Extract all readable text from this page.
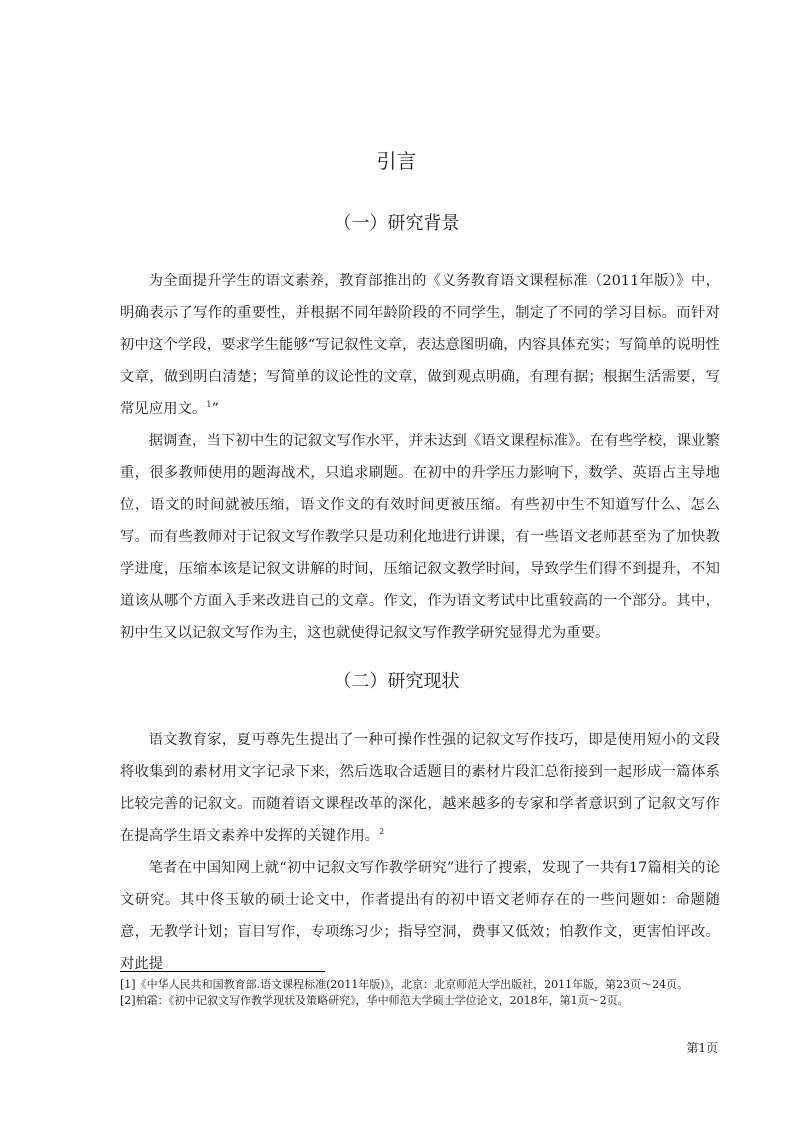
引言
（一）研究背景

为全面提升学生的语文素养，教育部推出的《义务教育语文课程标准（2011年版）》中，明确表示了写作的重要性，并根据不同年龄阶段的不同学生，制定了不同的学习目标。而针对初中这个学段，要求学生能够“写记叙性文章，表达意图明确，内容具体充实；写简单的说明性文章，做到明白清楚；写简单的议论性的文章，做到观点明确，有理有据；根据生活需要，写常见应用文。$^1$”

据调查，当下初中生的记叙文写作水平，并未达到《语文课程标准》。在有些学校，课业繁重，很多教师使用的题海战术，只追求刷题。在初中的升学压力影响下，数学、英语占主导地位，语文的时间就被压缩，语文作文的有效时间更被压缩。有些初中生不知道写什么、怎么写。而有些教师对于记叙文写作教学只是功利化地进行讲课，有一些语文老师甚至为了加快教学进度，压缩本该是记叙文讲解的时间，压缩记叙文教学时间，导致学生们得不到提升，不知道该从哪个方面入手来改进自己的文章。作文，作为语文考试中比重较高的一个部分。其中，初中生又以记叙文写作为主，这也就使得记叙文写作教学研究显得尤为重要。

（二）研究现状

语文教育家，夏丏尊先生提出了一种可操作性强的记叙文写作技巧，即是使用短小的文段将收集到的素材用文字记录下来，然后选取合适题目的素材片段汇总衔接到一起形成一篇体系比较完善的记叙文。而随着语文课程改革的深化，越来越多的专家和学者意识到了记叙文写作在提高学生语文素养中发挥的关键作用。$^2$

笔者在中国知网上就“初中记叙文写作教学研究”进行了搜索，发现了一共有17篇相关的论文研究。其中佟玉敏的硕士论文中，作者提出有的初中语文老师存在的一些问题如：命题随意，无教学计划；盲目写作，专项练习少；指导空洞，费事又低效；怕教作文，更害怕评改。对此提

[1]《中华人民共和国教育部.语文课程标准(2011年版)》，北京：北京师范大学出版社，2011年版，第23页～24页。

[2]柏霜：《初中记叙文写作教学现状及策略研究》，华中师范大学硕士学位论文，2018年，第1页～2页。

第1页
